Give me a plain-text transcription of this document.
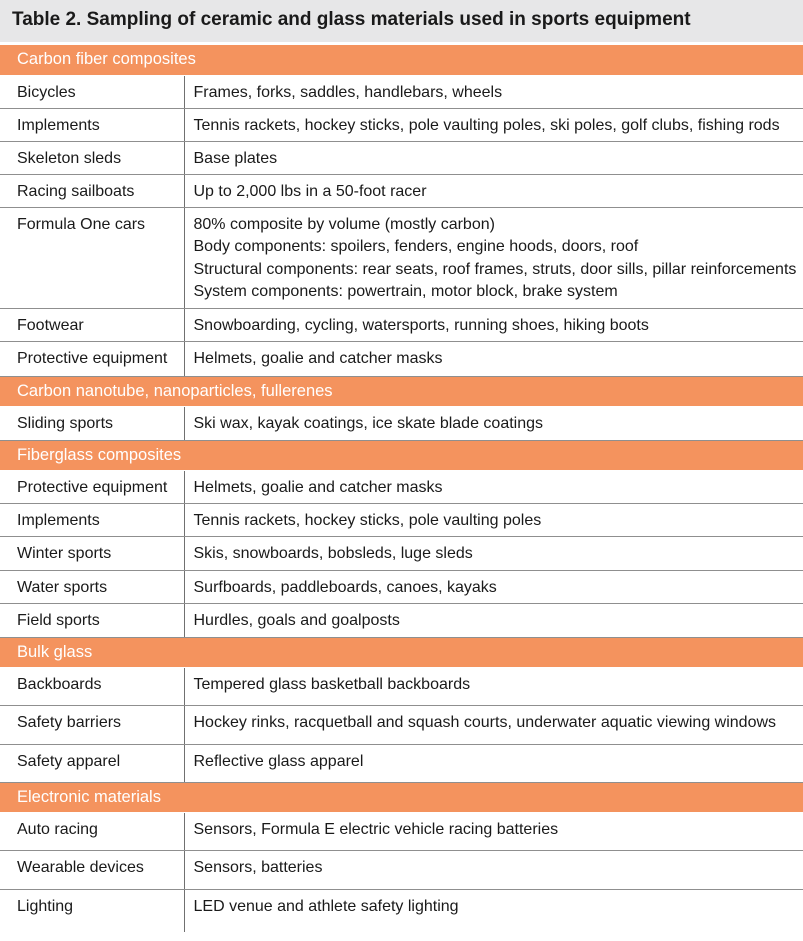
Table 2. Sampling of ceramic and glass materials used in sports equipment
Carbon fiber composites	
Bicycles	Frames, forks, saddles, handlebars, wheels

Implements	Tennis rackets, hockey sticks, pole vaulting poles, ski poles, golf clubs, fishing rods

Skeleton sleds	Base plates

Racing sailboats	Up to 2,000 lbs in a 50-foot racer

Formula One cars	80% composite by volume (mostly carbon)
Body components: spoilers, fenders, engine hoods, doors, roof
Structural components: rear seats, roof frames, struts, door sills, pillar reinforcements
System components: powertrain, motor block, brake system

Footwear	Snowboarding, cycling, watersports, running shoes, hiking boots

Protective equipment	Helmets, goalie and catcher masks

Carbon nanotube, nanoparticles, fullerenes	
Sliding sports	Ski wax, kayak coatings, ice skate blade coatings

Fiberglass composites	
Protective equipment	Helmets, goalie and catcher masks

Implements	Tennis rackets, hockey sticks, pole vaulting poles

Winter sports	Skis, snowboards, bobsleds, luge sleds

Water sports	Surfboards, paddleboards, canoes, kayaks

Field sports	Hurdles, goals and goalposts

Bulk glass	
Backboards	Tempered glass basketball backboards

Safety barriers	Hockey rinks, racquetball and squash courts, underwater aquatic viewing windows

Safety apparel	Reflective glass apparel

Electronic materials	
Auto racing	Sensors, Formula E electric vehicle racing batteries

Wearable devices	Sensors, batteries

Lighting	LED venue and athlete safety lighting
